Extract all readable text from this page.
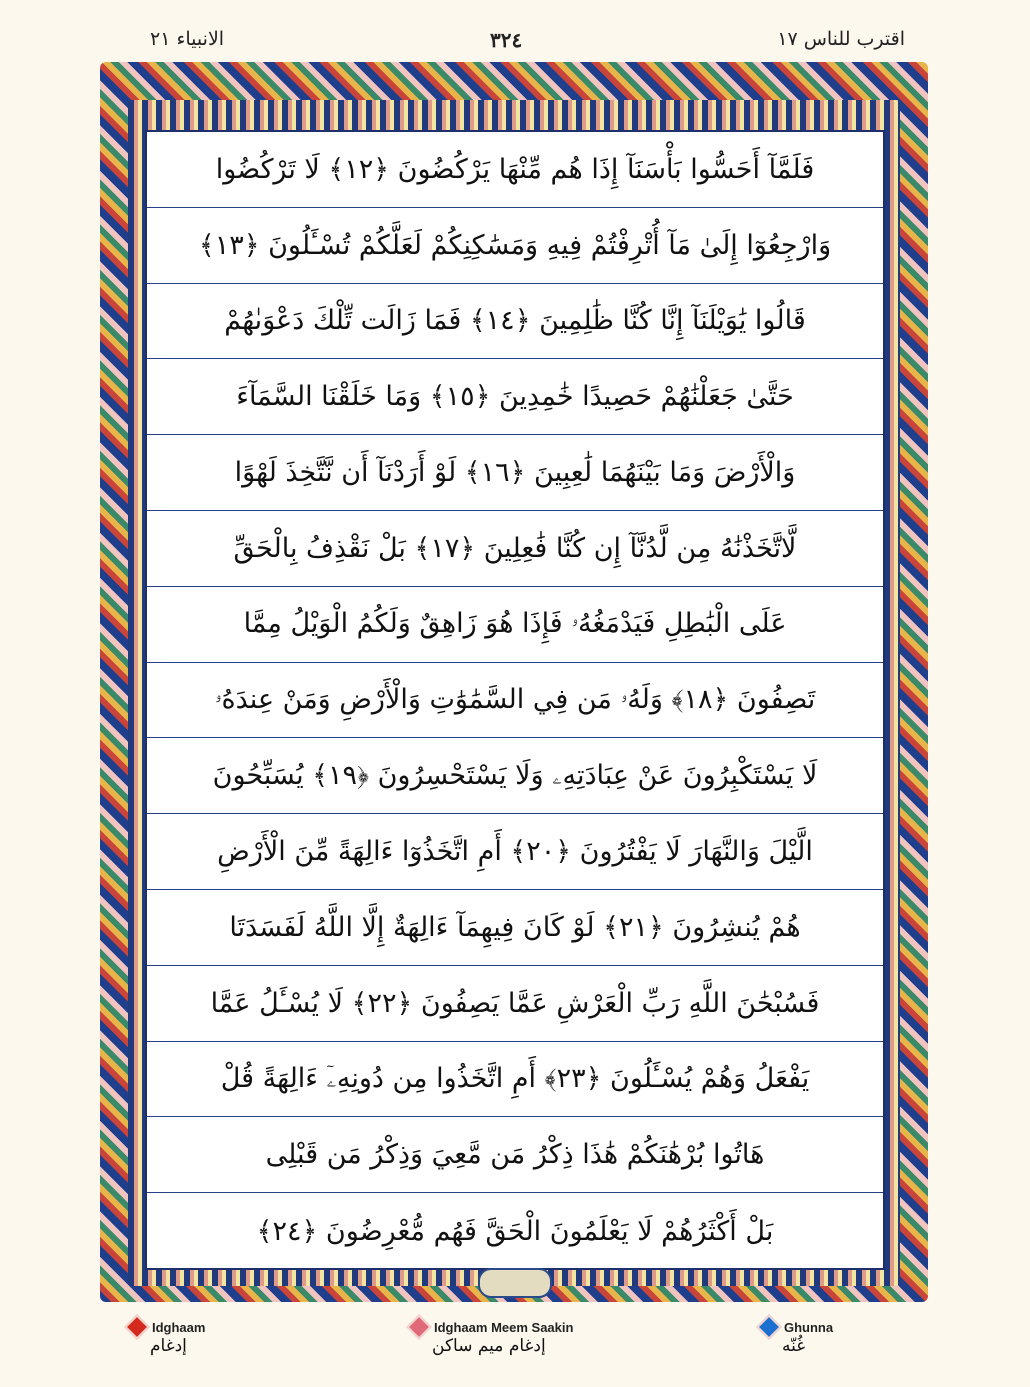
اقترب للناس ١٧
٣٢٤
الانبياء ٢١
فَلَمَّآ أَحَسُّوا بَأْسَنَآ إِذَا هُم مِّنْهَا يَرْكُضُونَ ﴿١٢﴾ لَا تَرْكُضُوا
وَارْجِعُوٓا إِلَىٰ مَآ أُتْرِفْتُمْ فِيهِ وَمَسَٰكِنِكُمْ لَعَلَّكُمْ تُسْـَٔلُونَ ﴿١٣﴾
قَالُوا يَٰوَيْلَنَآ إِنَّا كُنَّا ظَٰلِمِينَ ﴿١٤﴾ فَمَا زَالَت تِّلْكَ دَعْوَىٰهُمْ
حَتَّىٰ جَعَلْنَٰهُمْ حَصِيدًا خَٰمِدِينَ ﴿١٥﴾ وَمَا خَلَقْنَا السَّمَآءَ
وَالْأَرْضَ وَمَا بَيْنَهُمَا لَٰعِبِينَ ﴿١٦﴾ لَوْ أَرَدْنَآ أَن نَّتَّخِذَ لَهْوًا
لَّاتَّخَذْنَٰهُ مِن لَّدُنَّآ إِن كُنَّا فَٰعِلِينَ ﴿١٧﴾ بَلْ نَقْذِفُ بِالْحَقِّ
عَلَى الْبَٰطِلِ فَيَدْمَغُهُۥ فَإِذَا هُوَ زَاهِقٌ وَلَكُمُ الْوَيْلُ مِمَّا
تَصِفُونَ ﴿١٨﴾ وَلَهُۥ مَن فِي السَّمَٰوَٰتِ وَالْأَرْضِ وَمَنْ عِندَهُۥ
لَا يَسْتَكْبِرُونَ عَنْ عِبَادَتِهِۦ وَلَا يَسْتَحْسِرُونَ ﴿١٩﴾ يُسَبِّحُونَ
الَّيْلَ وَالنَّهَارَ لَا يَفْتُرُونَ ﴿٢٠﴾ أَمِ اتَّخَذُوٓا ءَالِهَةً مِّنَ الْأَرْضِ
هُمْ يُنشِرُونَ ﴿٢١﴾ لَوْ كَانَ فِيهِمَآ ءَالِهَةٌ إِلَّا اللَّهُ لَفَسَدَتَا
فَسُبْحَٰنَ اللَّهِ رَبِّ الْعَرْشِ عَمَّا يَصِفُونَ ﴿٢٢﴾ لَا يُسْـَٔلُ عَمَّا
يَفْعَلُ وَهُمْ يُسْـَٔلُونَ ﴿٢٣﴾ أَمِ اتَّخَذُوا مِن دُونِهِۦٓ ءَالِهَةً قُلْ
هَاتُوا بُرْهَٰنَكُمْ هَٰذَا ذِكْرُ مَن مَّعِيَ وَذِكْرُ مَن قَبْلِى
بَلْ أَكْثَرُهُمْ لَا يَعْلَمُونَ الْحَقَّ فَهُم مُّعْرِضُونَ ﴿٢٤﴾
Idghaam
إدغام
Idghaam Meem Saakin
إدغام ميم ساكن
Ghunna
غُنّه
